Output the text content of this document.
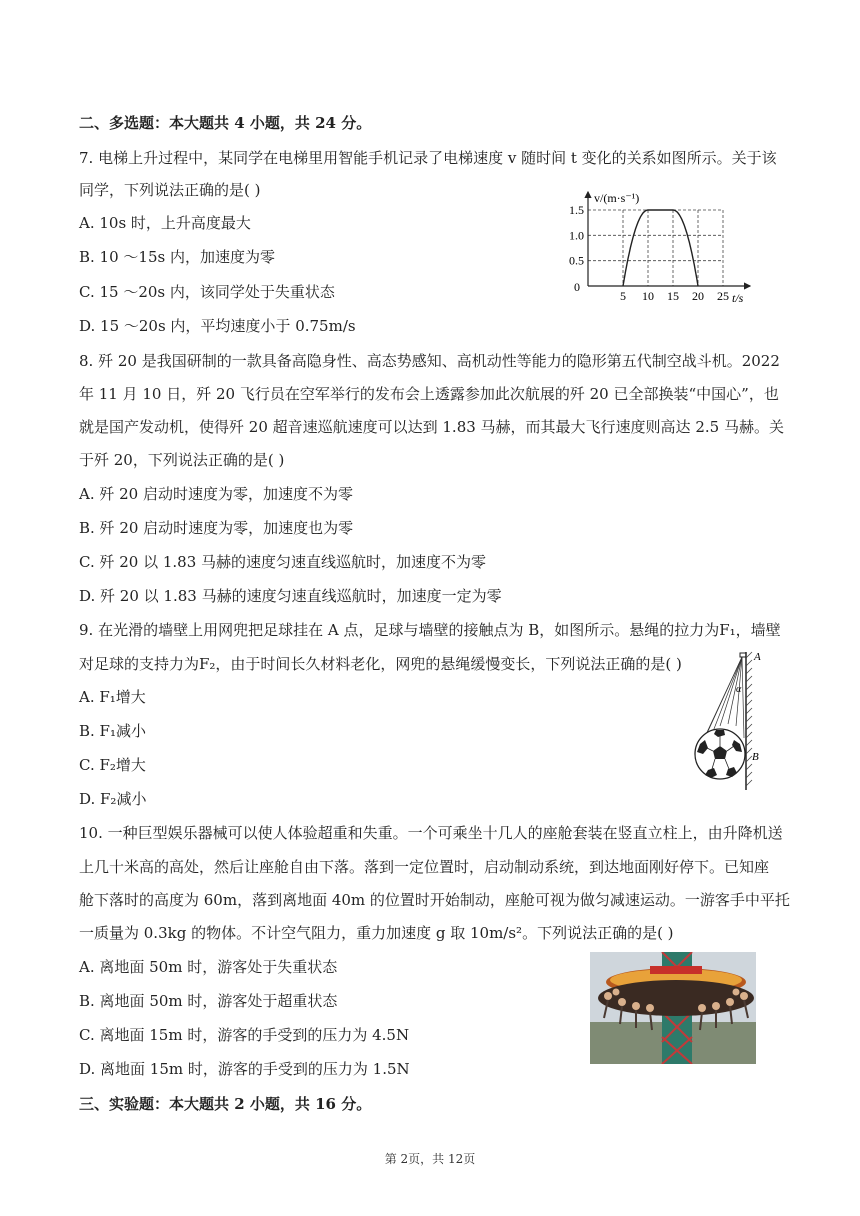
二、多选题：本大题共 4 小题，共 24 分。
7. 电梯上升过程中，某同学在电梯里用智能手机记录了电梯速度 v 随时间 t 变化的关系如图所示。关于该
同学，下列说法正确的是( )
A. 10s 时，上升高度最大
B. 10 ～15s 内，加速度为零
C. 15 ～20s 内，该同学处于失重状态
D. 15 ～20s 内，平均速度小于 0.75m/s
v/(m·s⁻¹)
t/s
0
5 10 15 20 25
0.5
1.0
1.5
8. 歼 20 是我国研制的一款具备高隐身性、高态势感知、高机动性等能力的隐形第五代制空战斗机。2022
年 11 月 10 日，歼 20 飞行员在空军举行的发布会上透露参加此次航展的歼 20 已全部换装“中国心”，也
就是国产发动机，使得歼 20 超音速巡航速度可以达到 1.83 马赫，而其最大飞行速度则高达 2.5 马赫。关
于歼 20，下列说法正确的是( )
A. 歼 20 启动时速度为零，加速度不为零
B. 歼 20 启动时速度为零，加速度也为零
C. 歼 20 以 1.83 马赫的速度匀速直线巡航时，加速度不为零
D. 歼 20 以 1.83 马赫的速度匀速直线巡航时，加速度一定为零
9. 在光滑的墙壁上用网兜把足球挂在 A 点，足球与墙壁的接触点为 B，如图所示。悬绳的拉力为F₁，墙壁
对足球的支持力为F₂，由于时间长久材料老化，网兜的悬绳缓慢变长，下列说法正确的是( )
A. F₁增大
B. F₁减小
C. F₂增大
D. F₂减小
A
B
α
10. 一种巨型娱乐器械可以使人体验超重和失重。一个可乘坐十几人的座舱套装在竖直立柱上，由升降机送
上几十米高的高处，然后让座舱自由下落。落到一定位置时，启动制动系统，到达地面刚好停下。已知座
舱下落时的高度为 60m，落到离地面 40m 的位置时开始制动，座舱可视为做匀减速运动。一游客手中平托
一质量为 0.3kg 的物体。不计空气阻力，重力加速度 g 取 10m/s²。下列说法正确的是( )
A. 离地面 50m 时，游客处于失重状态
B. 离地面 50m 时，游客处于超重状态
C. 离地面 15m 时，游客的手受到的压力为 4.5N
D. 离地面 15m 时，游客的手受到的压力为 1.5N
三、实验题：本大题共 2 小题，共 16 分。
第 2页，共 12页
